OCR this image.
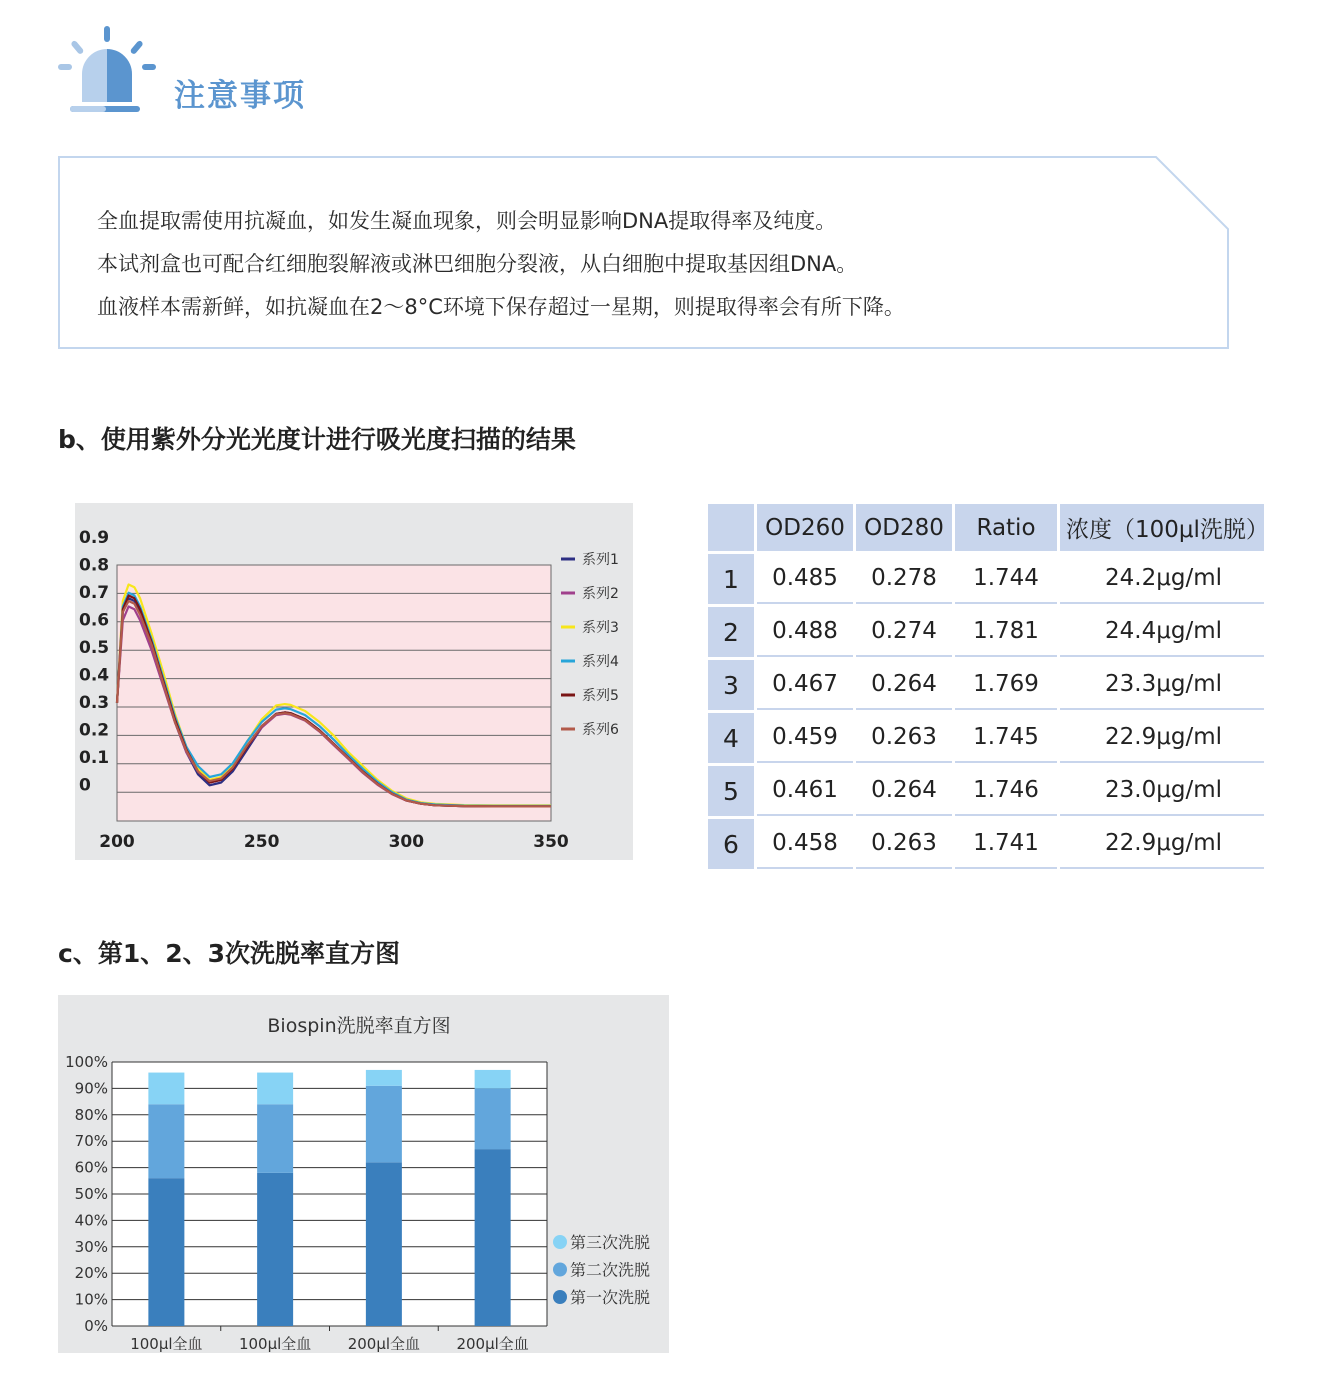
注意事项
全血提取需使用抗凝血，如发生凝血现象，则会明显影响DNA提取得率及纯度。
本试剂盒也可配合红细胞裂解液或淋巴细胞分裂液，从白细胞中提取基因组DNA。
血液样本需新鲜，如抗凝血在2～8°C环境下保存超过一星期，则提取得率会有所下降。
b、使用紫外分光光度计进行吸光度扫描的结果
0.9
0.8
0.7
0.6
0.5
0.4
0.3
0.2
0.1
0
200	250	300	350
系列1
系列2
系列3
系列4
系列5
系列6
	OD260	OD280	Ratio	浓度（100μl洗脱）
1	0.485	0.278	1.744	24.2μg/ml
2	0.488	0.274	1.781	24.4μg/ml
3	0.467	0.264	1.769	23.3μg/ml
4	0.459	0.263	1.745	22.9μg/ml
5	0.461	0.264	1.746	23.0μg/ml
6	0.458	0.263	1.741	22.9μg/ml
c、第1、2、3次洗脱率直方图
Biospin洗脱率直方图
100%
90%
80%
70%
60%
50%
40%
30%
20%
10%
0%
100μl全血 100μl全血 200μl全血 200μl全血
第三次洗脱
第二次洗脱
第一次洗脱
